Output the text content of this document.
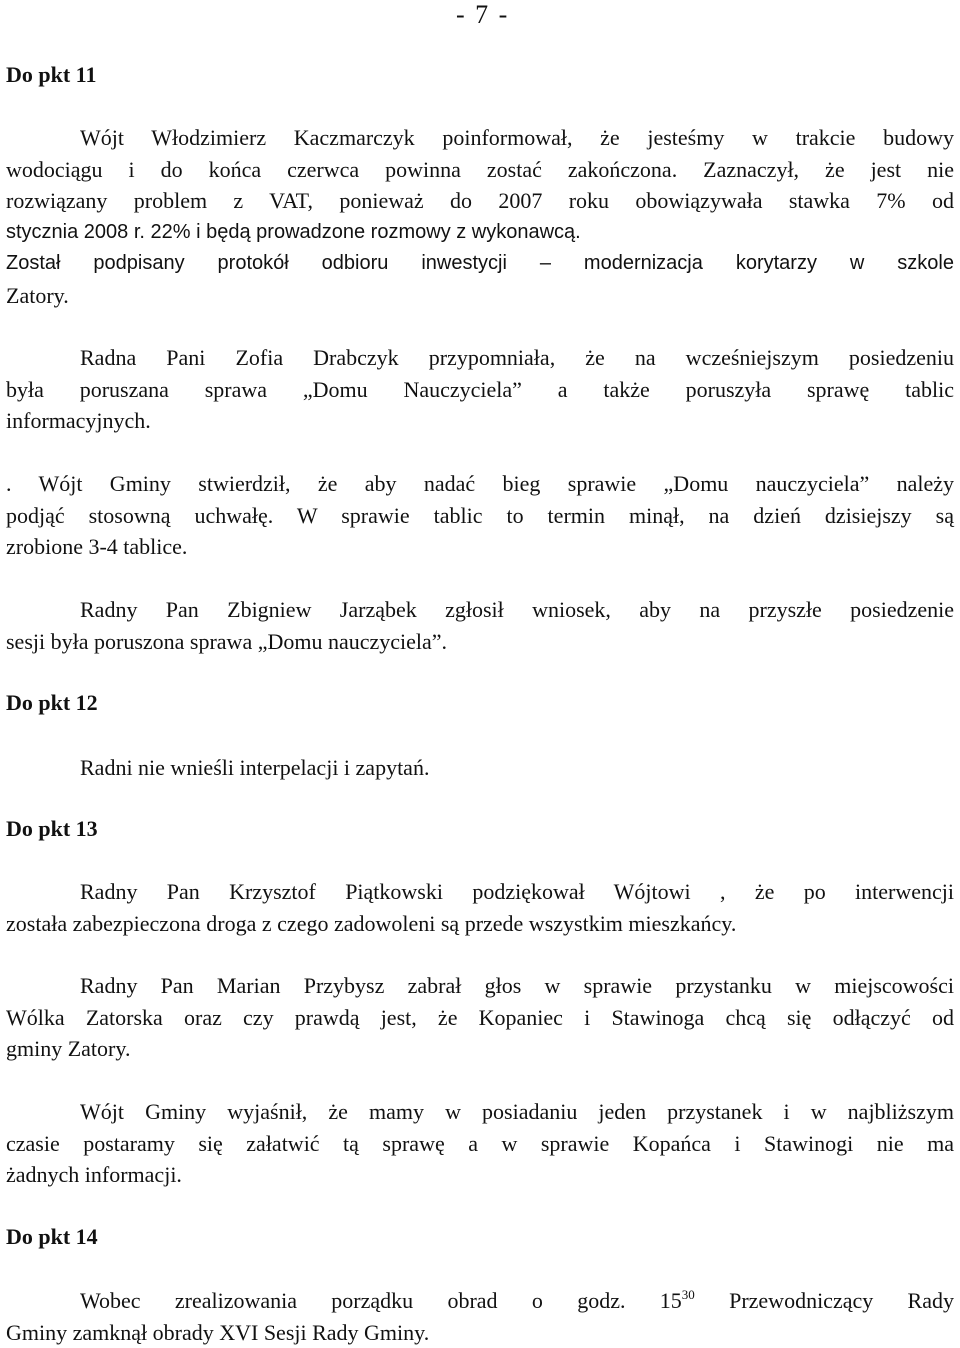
- 7 -
Do pkt 11
Wójt Włodzimierz Kaczmarczyk poinformował, że jesteśmy w trakcie budowy
wodociągu i do końca czerwca powinna zostać zakończona. Zaznaczył, że jest nie
rozwiązany problem z VAT, ponieważ do 2007 roku obowiązywała stawka 7% od
stycznia 2008 r. 22% i będą prowadzone rozmowy z wykonawcą.
Został podpisany protokół odbioru inwestycji – modernizacja korytarzy w szkole
Zatory.
Radna Pani Zofia Drabczyk przypomniała, że na wcześniejszym posiedzeniu
była poruszana sprawa „Domu Nauczyciela” a także poruszyła sprawę tablic
informacyjnych.
. Wójt Gminy stwierdził, że aby nadać bieg sprawie „Domu nauczyciela” należy
podjąć stosowną uchwałę. W sprawie tablic to termin minął, na dzień dzisiejszy są
zrobione 3-4 tablice.
Radny Pan Zbigniew Jarząbek zgłosił wniosek, aby na przyszłe posiedzenie
sesji była poruszona sprawa „Domu nauczyciela”.
Do pkt 12
Radni nie wnieśli interpelacji i zapytań.
Do pkt 13
Radny Pan Krzysztof Piątkowski podziękował Wójtowi , że po interwencji
została zabezpieczona droga z czego zadowoleni są przede wszystkim mieszkańcy.
Radny Pan Marian Przybysz zabrał głos w sprawie przystanku w miejscowości
Wólka Zatorska oraz czy prawdą jest, że Kopaniec i Stawinoga chcą się odłączyć od
gminy Zatory.
Wójt Gminy wyjaśnił, że mamy w posiadaniu jeden przystanek i w najbliższym
czasie postaramy się załatwić tą sprawę a w sprawie Kopańca i Stawinogi nie ma
żadnych informacji.
Do pkt 14
Wobec zrealizowania porządku obrad o godz. $15^{30}$ Przewodniczący Rady
Gminy zamknął obrady XVI Sesji Rady Gminy.
